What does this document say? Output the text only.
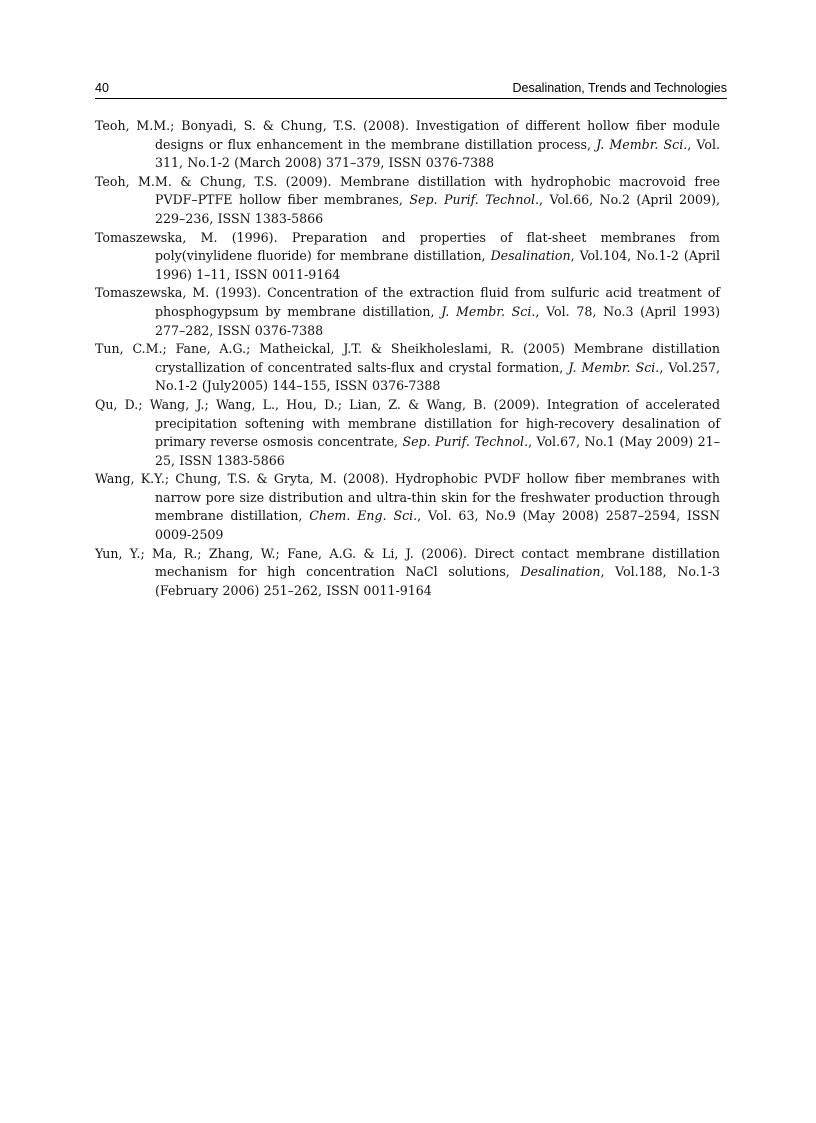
40	Desalination, Trends and Technologies
Teoh, M.M.; Bonyadi, S. & Chung, T.S. (2008). Investigation of different hollow fiber module designs or flux enhancement in the membrane distillation process, J. Membr. Sci., Vol. 311, No.1-2 (March 2008) 371–379, ISSN 0376-7388
Teoh, M.M. & Chung, T.S. (2009). Membrane distillation with hydrophobic macrovoid free PVDF–PTFE hollow fiber membranes, Sep. Purif. Technol., Vol.66, No.2 (April 2009), 229–236, ISSN 1383-5866
Tomaszewska, M. (1996). Preparation and properties of flat-sheet membranes from poly(vinylidene fluoride) for membrane distillation, Desalination, Vol.104, No.1-2 (April 1996) 1–11, ISSN 0011-9164
Tomaszewska, M. (1993). Concentration of the extraction fluid from sulfuric acid treatment of phosphogypsum by membrane distillation, J. Membr. Sci., Vol. 78, No.3 (April 1993) 277–282, ISSN 0376-7388
Tun, C.M.; Fane, A.G.; Matheickal, J.T. & Sheikholeslami, R. (2005) Membrane distillation crystallization of concentrated salts-flux and crystal formation, J. Membr. Sci., Vol.257, No.1-2 (July2005) 144–155, ISSN 0376-7388
Qu, D.; Wang, J.; Wang, L., Hou, D.; Lian, Z. & Wang, B. (2009). Integration of accelerated precipitation softening with membrane distillation for high-recovery desalination of primary reverse osmosis concentrate, Sep. Purif. Technol., Vol.67, No.1 (May 2009) 21–25, ISSN 1383-5866
Wang, K.Y.; Chung, T.S. & Gryta, M. (2008). Hydrophobic PVDF hollow fiber membranes with narrow pore size distribution and ultra-thin skin for the freshwater production through membrane distillation, Chem. Eng. Sci., Vol. 63, No.9 (May 2008) 2587–2594, ISSN 0009-2509
Yun, Y.; Ma, R.; Zhang, W.; Fane, A.G. & Li, J. (2006). Direct contact membrane distillation mechanism for high concentration NaCl solutions, Desalination, Vol.188, No.1-3 (February 2006) 251–262, ISSN 0011-9164
